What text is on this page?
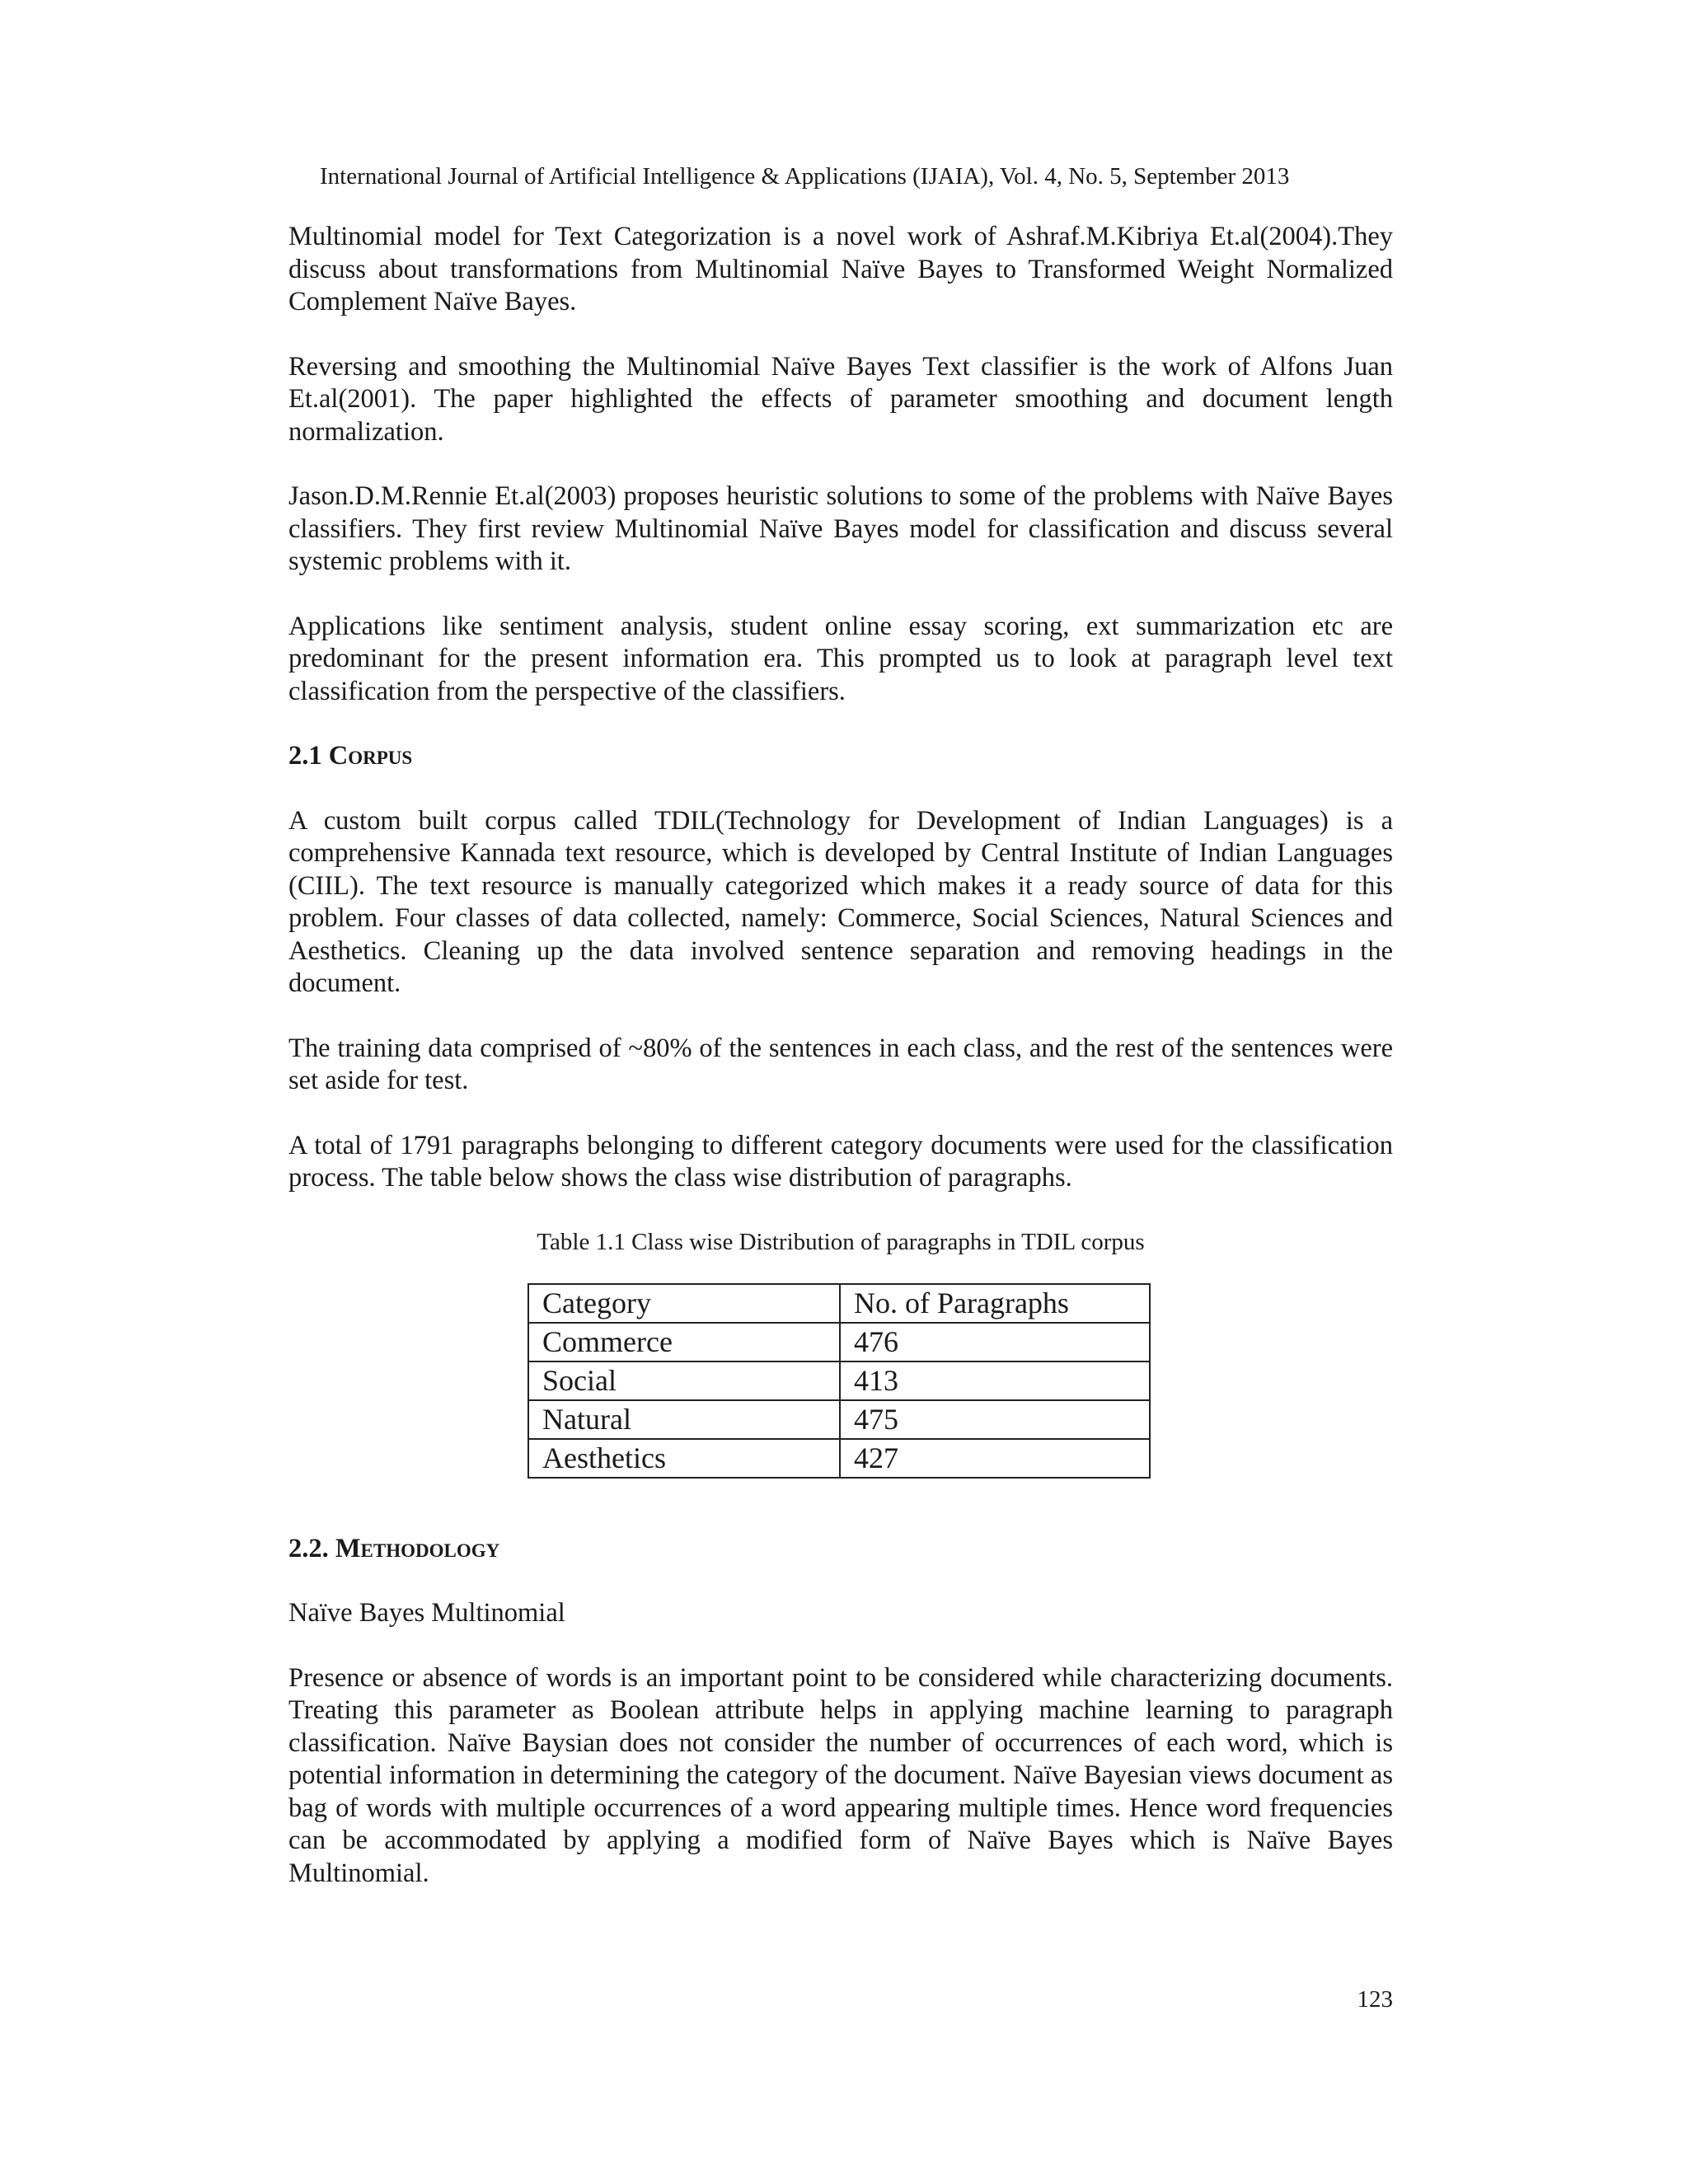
International Journal of Artificial Intelligence & Applications (IJAIA), Vol. 4, No. 5, September 2013

Multinomial model for Text Categorization is a novel work of Ashraf.M.Kibriya Et.al(2004).They discuss about transformations from Multinomial Naïve Bayes to Transformed Weight Normalized Complement Naïve Bayes.

Reversing and smoothing the Multinomial Naïve Bayes Text classifier is the work of Alfons Juan Et.al(2001). The paper highlighted the effects of parameter smoothing and document length normalization.

Jason.D.M.Rennie Et.al(2003) proposes heuristic solutions to some of the problems with Naïve Bayes classifiers. They first review Multinomial Naïve Bayes model for classification and discuss several systemic problems with it.

Applications like sentiment analysis, student online essay scoring, ext summarization etc are predominant for the present information era. This prompted us to look at paragraph level text classification from the perspective of the classifiers.

2.1 Corpus

A custom built corpus called TDIL(Technology for Development of Indian Languages) is a comprehensive Kannada text resource, which is developed by Central Institute of Indian Languages (CIIL). The text resource is manually categorized which makes it a ready source of data for this problem. Four classes of data collected, namely: Commerce, Social Sciences, Natural Sciences and Aesthetics. Cleaning up the data involved sentence separation and removing headings in the document.

The training data comprised of ~80% of the sentences in each class, and the rest of the sentences were set aside for test.

A total of 1791 paragraphs belonging to different category documents were used for the classification process. The table below shows the class wise distribution of paragraphs.

Table 1.1 Class wise Distribution of paragraphs in TDIL corpus
Category	No. of Paragraphs
Commerce	476
Social	413
Natural	475
Aesthetics	427
2.2. Methodology
Naïve Bayes Multinomial

Presence or absence of words is an important point to be considered while characterizing documents. Treating this parameter as Boolean attribute helps in applying machine learning to paragraph classification. Naïve Baysian does not consider the number of occurrences of each word, which is potential information in determining the category of the document. Naïve Bayesian views document as bag of words with multiple occurrences of a word appearing multiple times. Hence word frequencies can be accommodated by applying a modified form of Naïve Bayes which is Naïve Bayes Multinomial.

123
